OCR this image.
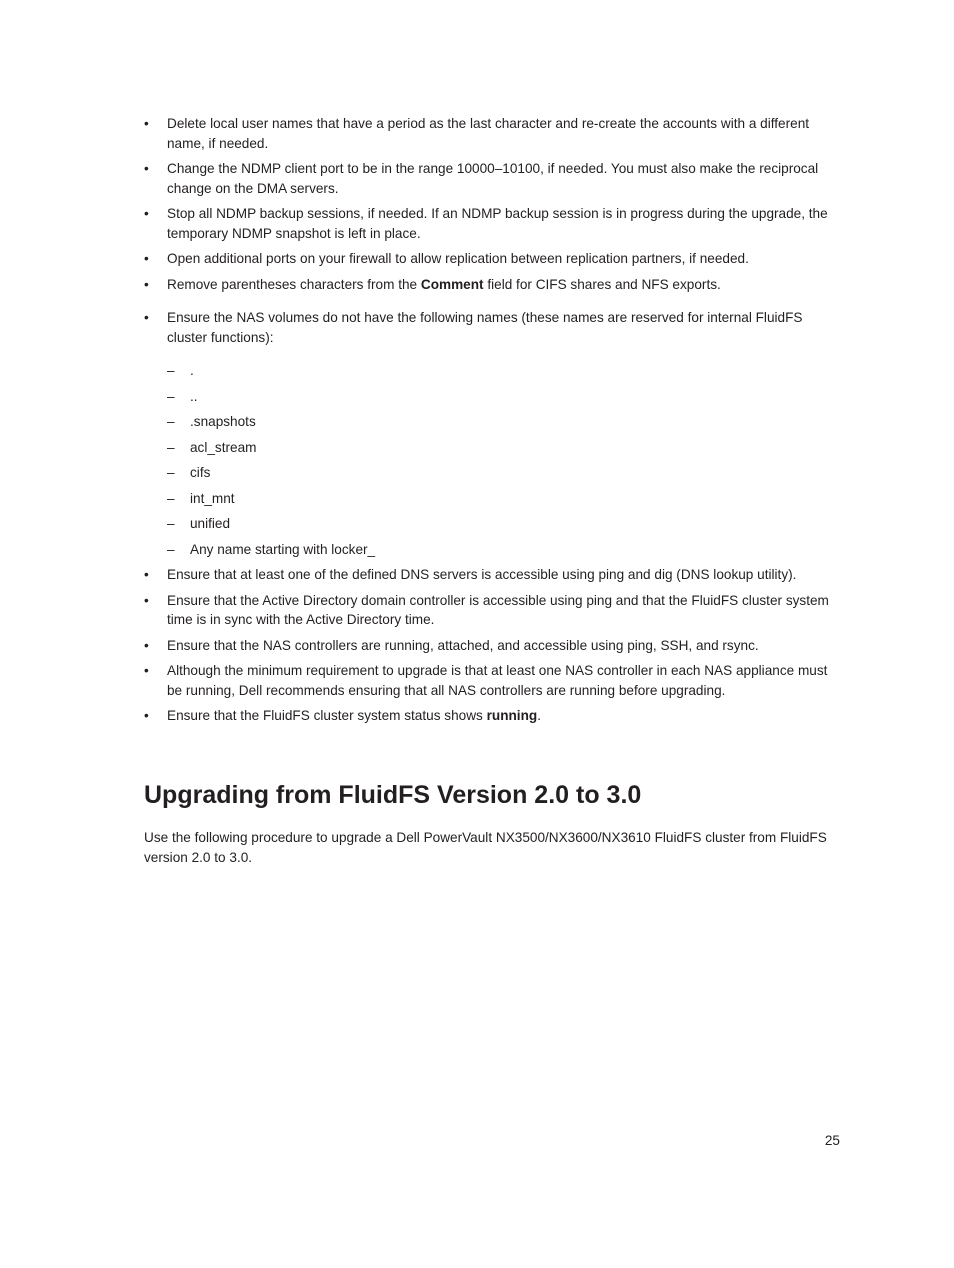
•	Delete local user names that have a period as the last character and re-create the accounts with a different name, if needed.
•	Change the NDMP client port to be in the range 10000–10100, if needed. You must also make the reciprocal change on the DMA servers.
•	Stop all NDMP backup sessions, if needed. If an NDMP backup session is in progress during the upgrade, the temporary NDMP snapshot is left in place.
•	Open additional ports on your firewall to allow replication between replication partners, if needed.
•	Remove parentheses characters from the Comment field for CIFS shares and NFS exports.
•	Ensure the NAS volumes do not have the following names (these names are reserved for internal FluidFS cluster functions):
–	.
–	..
–	.snapshots
–	acl_stream
–	cifs
–	int_mnt
–	unified
–	Any name starting with locker_
•	Ensure that at least one of the defined DNS servers is accessible using ping and dig (DNS lookup utility).
•	Ensure that the Active Directory domain controller is accessible using ping and that the FluidFS cluster system time is in sync with the Active Directory time.
•	Ensure that the NAS controllers are running, attached, and accessible using ping, SSH, and rsync.
•	Although the minimum requirement to upgrade is that at least one NAS controller in each NAS appliance must be running, Dell recommends ensuring that all NAS controllers are running before upgrading.
•	Ensure that the FluidFS cluster system status shows running.
Upgrading from FluidFS Version 2.0 to 3.0

Use the following procedure to upgrade a Dell PowerVault NX3500/NX3600/NX3610 FluidFS cluster from FluidFS version 2.0 to 3.0.

25
